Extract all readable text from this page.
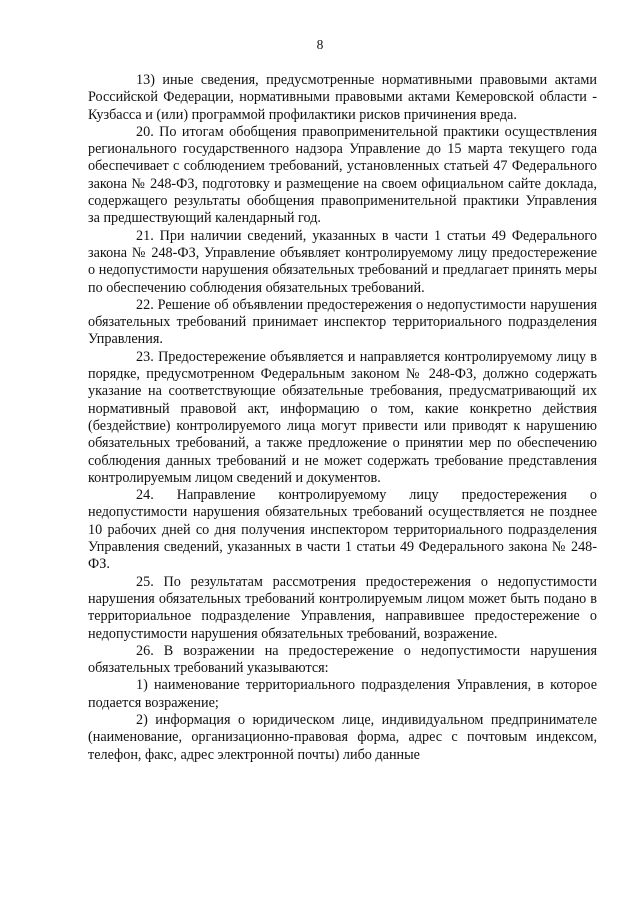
8

13) иные сведения, предусмотренные нормативными правовыми актами Российской Федерации, нормативными правовыми актами Кемеровской области - Кузбасса и (или) программой профилактики рисков причинения вреда.

20. По итогам обобщения правоприменительной практики осуществления регионального государственного надзора Управление до 15 марта текущего года обеспечивает с соблюдением требований, установленных статьей 47 Федерального закона № 248-ФЗ, подготовку и размещение на своем официальном сайте доклада, содержащего результаты обобщения правоприменительной практики Управления за предшествующий календарный год.

21. При наличии сведений, указанных в части 1 статьи 49 Федерального закона № 248-ФЗ, Управление объявляет контролируемому лицу предостережение о недопустимости нарушения обязательных требований и предлагает принять меры по обеспечению соблюдения обязательных требований.

22. Решение об объявлении предостережения о недопустимости нарушения обязательных требований принимает инспектор территориального подразделения Управления.

23. Предостережение объявляется и направляется контролируемому лицу в порядке, предусмотренном Федеральным законом № 248-ФЗ, должно содержать указание на соответствующие обязательные требования, предусматривающий их нормативный правовой акт, информацию о том, какие конкретно действия (бездействие) контролируемого лица могут привести или приводят к нарушению обязательных требований, а также предложение о принятии мер по обеспечению соблюдения данных требований и не может содержать требование представления контролируемым лицом сведений и документов.

24. Направление контролируемому лицу предостережения о недопустимости нарушения обязательных требований осуществляется не позднее 10 рабочих дней со дня получения инспектором территориального подразделения Управления сведений, указанных в части 1 статьи 49 Федерального закона № 248-ФЗ.

25. По результатам рассмотрения предостережения о недопустимости нарушения обязательных требований контролируемым лицом может быть подано в территориальное подразделение Управления, направившее предостережение о недопустимости нарушения обязательных требований, возражение.

26. В возражении на предостережение о недопустимости нарушения обязательных требований указываются:

1) наименование территориального подразделения Управления, в которое подается возражение;

2) информация о юридическом лице, индивидуальном предпринимателе (наименование, организационно-правовая форма, адрес с почтовым индексом, телефон, факс, адрес электронной почты) либо данные
